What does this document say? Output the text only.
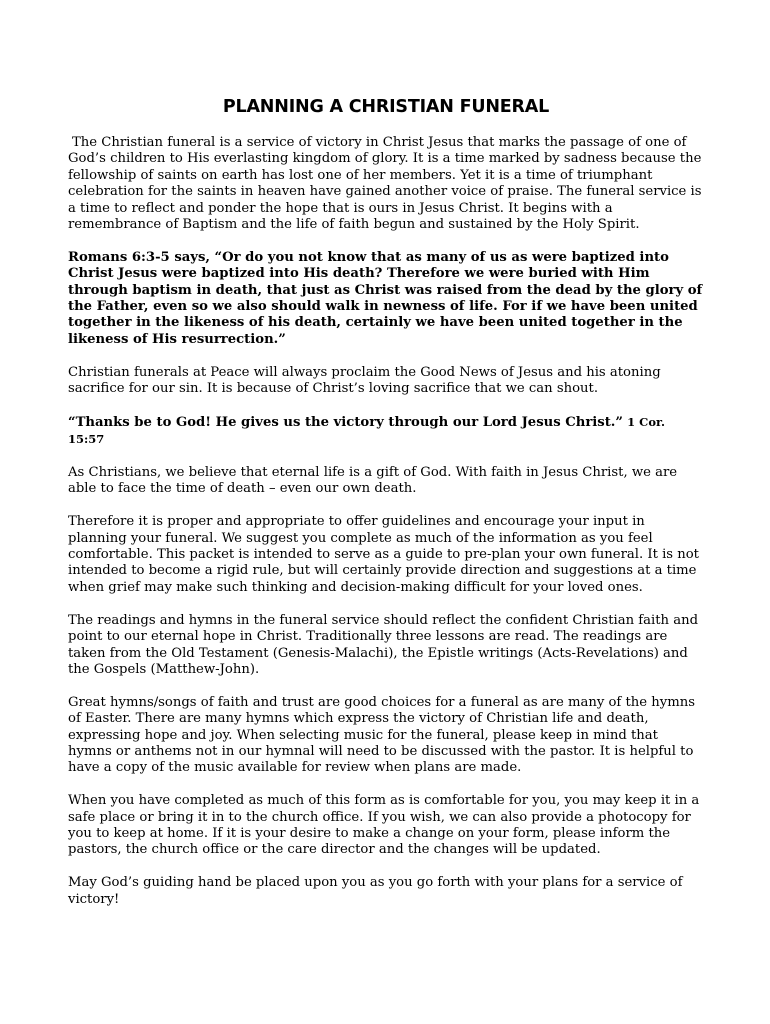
PLANNING A CHRISTIAN FUNERAL

The Christian funeral is a service of victory in Christ Jesus that marks the passage of one of God’s children to His everlasting kingdom of glory. It is a time marked by sadness because the fellowship of saints on earth has lost one of her members. Yet it is a time of triumphant celebration for the saints in heaven have gained another voice of praise. The funeral service is a time to reflect and ponder the hope that is ours in Jesus Christ. It begins with a remembrance of Baptism and the life of faith begun and sustained by the Holy Spirit.

Romans 6:3-5 says, “Or do you not know that as many of us as were baptized into Christ Jesus were baptized into His death? Therefore we were buried with Him through baptism in death, that just as Christ was raised from the dead by the glory of the Father, even so we also should walk in newness of life. For if we have been united together in the likeness of his death, certainly we have been united together in the likeness of His resurrection.”

Christian funerals at Peace will always proclaim the Good News of Jesus and his atoning sacrifice for our sin. It is because of Christ’s loving sacrifice that we can shout.

“Thanks be to God! He gives us the victory through our Lord Jesus Christ.” 1 Cor. 15:57

As Christians, we believe that eternal life is a gift of God. With faith in Jesus Christ, we are able to face the time of death – even our own death.

Therefore it is proper and appropriate to offer guidelines and encourage your input in planning your funeral. We suggest you complete as much of the information as you feel comfortable. This packet is intended to serve as a guide to pre-plan your own funeral. It is not intended to become a rigid rule, but will certainly provide direction and suggestions at a time when grief may make such thinking and decision-making difficult for your loved ones.

The readings and hymns in the funeral service should reflect the confident Christian faith and point to our eternal hope in Christ. Traditionally three lessons are read. The readings are taken from the Old Testament (Genesis-Malachi), the Epistle writings (Acts-Revelations) and the Gospels (Matthew-John).

Great hymns/songs of faith and trust are good choices for a funeral as are many of the hymns of Easter. There are many hymns which express the victory of Christian life and death, expressing hope and joy. When selecting music for the funeral, please keep in mind that hymns or anthems not in our hymnal will need to be discussed with the pastor. It is helpful to have a copy of the music available for review when plans are made.

When you have completed as much of this form as is comfortable for you, you may keep it in a safe place or bring it in to the church office. If you wish, we can also provide a photocopy for you to keep at home. If it is your desire to make a change on your form, please inform the pastors, the church office or the care director and the changes will be updated.

May God’s guiding hand be placed upon you as you go forth with your plans for a service of victory!
